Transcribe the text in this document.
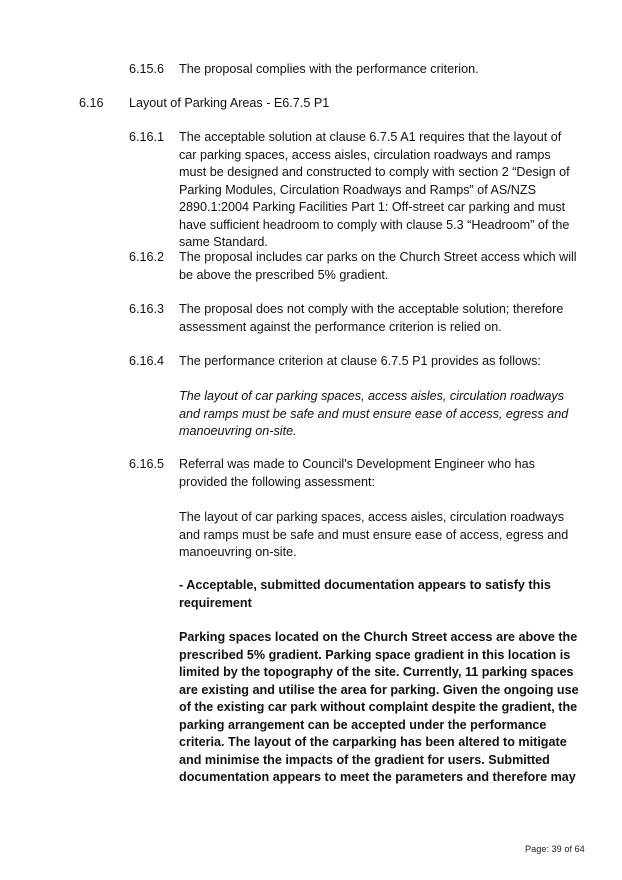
6.15.6 The proposal complies with the performance criterion.
6.16 Layout of Parking Areas - E6.7.5 P1
6.16.1 The acceptable solution at clause 6.7.5 A1 requires that the layout of car parking spaces, access aisles, circulation roadways and ramps must be designed and constructed to comply with section 2 “Design of Parking Modules, Circulation Roadways and Ramps” of AS/NZS 2890.1:2004 Parking Facilities Part 1: Off-street car parking and must have sufficient headroom to comply with clause 5.3 “Headroom” of the same Standard.
6.16.2 The proposal includes car parks on the Church Street access which will be above the prescribed 5% gradient.
6.16.3 The proposal does not comply with the acceptable solution; therefore assessment against the performance criterion is relied on.
6.16.4 The performance criterion at clause 6.7.5 P1 provides as follows:
The layout of car parking spaces, access aisles, circulation roadways and ramps must be safe and must ensure ease of access, egress and manoeuvring on-site.
6.16.5 Referral was made to Council's Development Engineer who has provided the following assessment:
The layout of car parking spaces, access aisles, circulation roadways and ramps must be safe and must ensure ease of access, egress and manoeuvring on-site.
- Acceptable, submitted documentation appears to satisfy this requirement
Parking spaces located on the Church Street access are above the prescribed 5% gradient. Parking space gradient in this location is limited by the topography of the site. Currently, 11 parking spaces are existing and utilise the area for parking. Given the ongoing use of the existing car park without complaint despite the gradient, the parking arrangement can be accepted under the performance criteria. The layout of the carparking has been altered to mitigate and minimise the impacts of the gradient for users. Submitted documentation appears to meet the parameters and therefore may
Page: 39 of 64
